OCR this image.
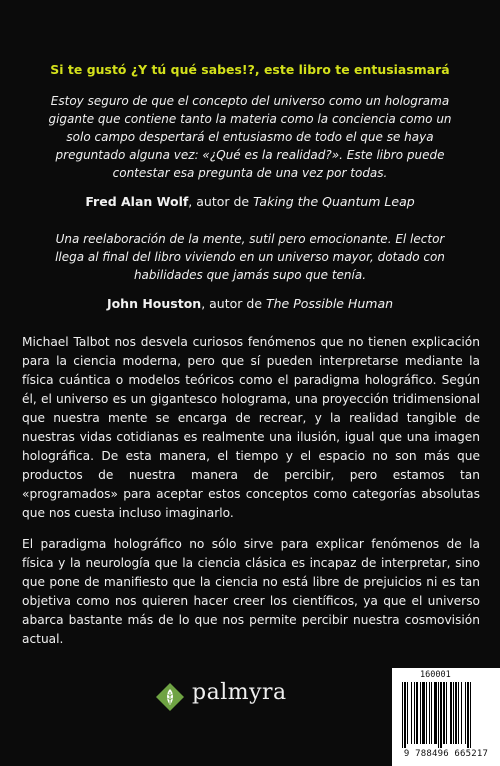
Si te gustó ¿Y tú qué sabes!?, este libro te entusiasmará
Estoy seguro de que el concepto del universo como un holograma gigante que contiene tanto la materia como la conciencia como un solo campo despertará el entusiasmo de todo el que se haya preguntado alguna vez: «¿Qué es la realidad?». Este libro puede contestar esa pregunta de una vez por todas.
Fred Alan Wolf, autor de Taking the Quantum Leap
Una reelaboración de la mente, sutil pero emocionante. El lector llega al final del libro viviendo en un universo mayor, dotado con habilidades que jamás supo que tenía.
John Houston, autor de The Possible Human
Michael Talbot nos desvela curiosos fenómenos que no tienen explicación para la ciencia moderna, pero que sí pueden interpretarse mediante la física cuántica o modelos teóricos como el paradigma holográfico. Según él, el universo es un gigantesco holograma, una proyección tridimensional que nuestra mente se encarga de recrear, y la realidad tangible de nuestras vidas cotidianas es realmente una ilusión, igual que una imagen holográfica. De esta manera, el tiempo y el espacio no son más que productos de nuestra manera de percibir, pero estamos tan «programados» para aceptar estos conceptos como categorías absolutas que nos cuesta incluso imaginarlo.
El paradigma holográfico no sólo sirve para explicar fenómenos de la física y la neurología que la ciencia clásica es incapaz de interpretar, sino que pone de manifiesto que la ciencia no está libre de prejuicios ni es tan objetiva como nos quieren hacer creer los científicos, ya que el universo abarca bastante más de lo que nos permite percibir nuestra cosmovisión actual.
palmyra
160001
9 788496 665217
